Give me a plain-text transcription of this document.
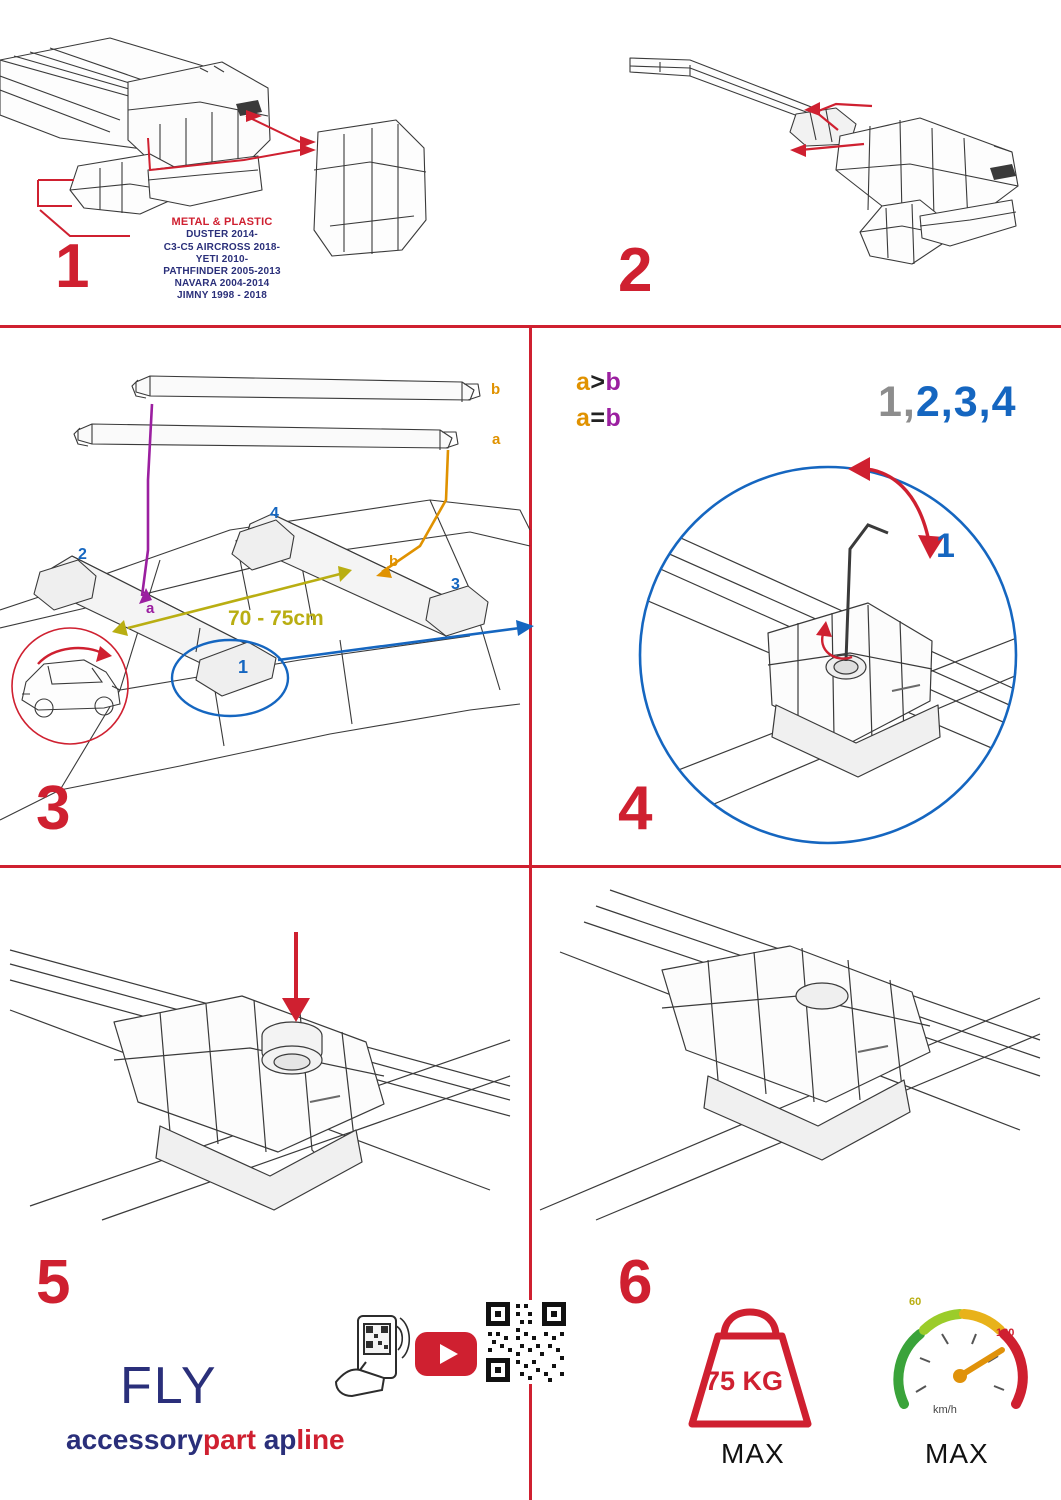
METAL & PLASTIC
DUSTER 2014-
C3-C5 AIRCROSS 2018-
YETI 2010-
PATHFINDER 2005-2013
NAVARA 2004-2014
JIMNY 1998 - 2018
1	2
b
a
b
a	70 - 75cm
2
4
3
1
a>b
a=b
3
1,2,3,4
1
4
5
FLY
accessorypart apline
6
75 KG
MAX
60
120
km/h
MAX
